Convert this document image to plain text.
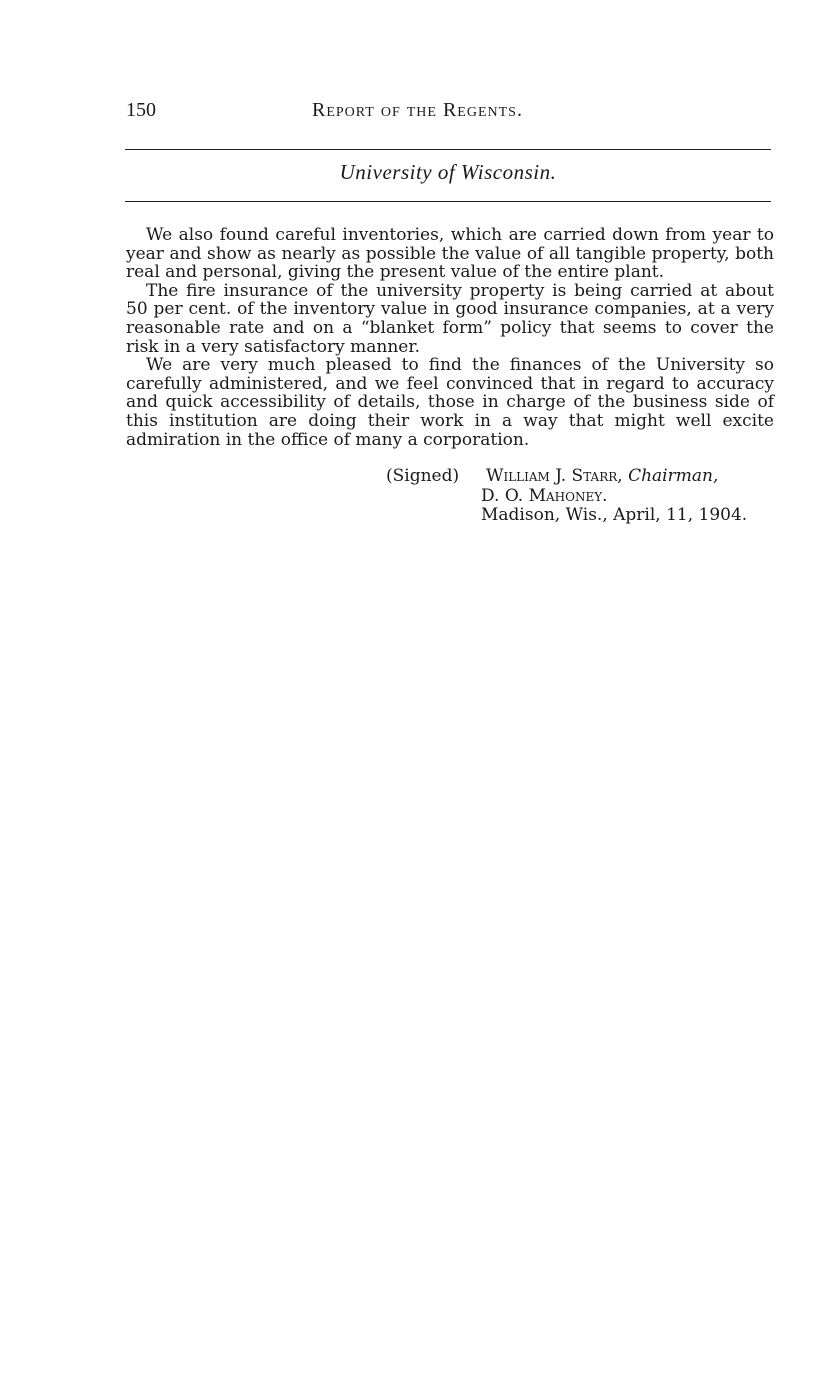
150	Report of the Regents.
University of Wisconsin.

We also found careful inventories, which are carried down from year to year and show as nearly as possible the value of all tangible property, both real and personal, giving the present value of the entire plant.

The fire insurance of the university property is being carried at about 50 per cent. of the inventory value in good insurance companies, at a very reasonable rate and on a “blanket form” policy that seems to cover the risk in a very satisfactory manner.

We are very much pleased to find the finances of the University so carefully administered, and we feel convinced that in regard to accuracy and quick accessibility of details, those in charge of the business side of this institution are doing their work in a way that might well excite admiration in the office of many a corporation.

(Signed) William J. Starr, Chairman,
D. O. Mahoney.
Madison, Wis., April, 11, 1904.
